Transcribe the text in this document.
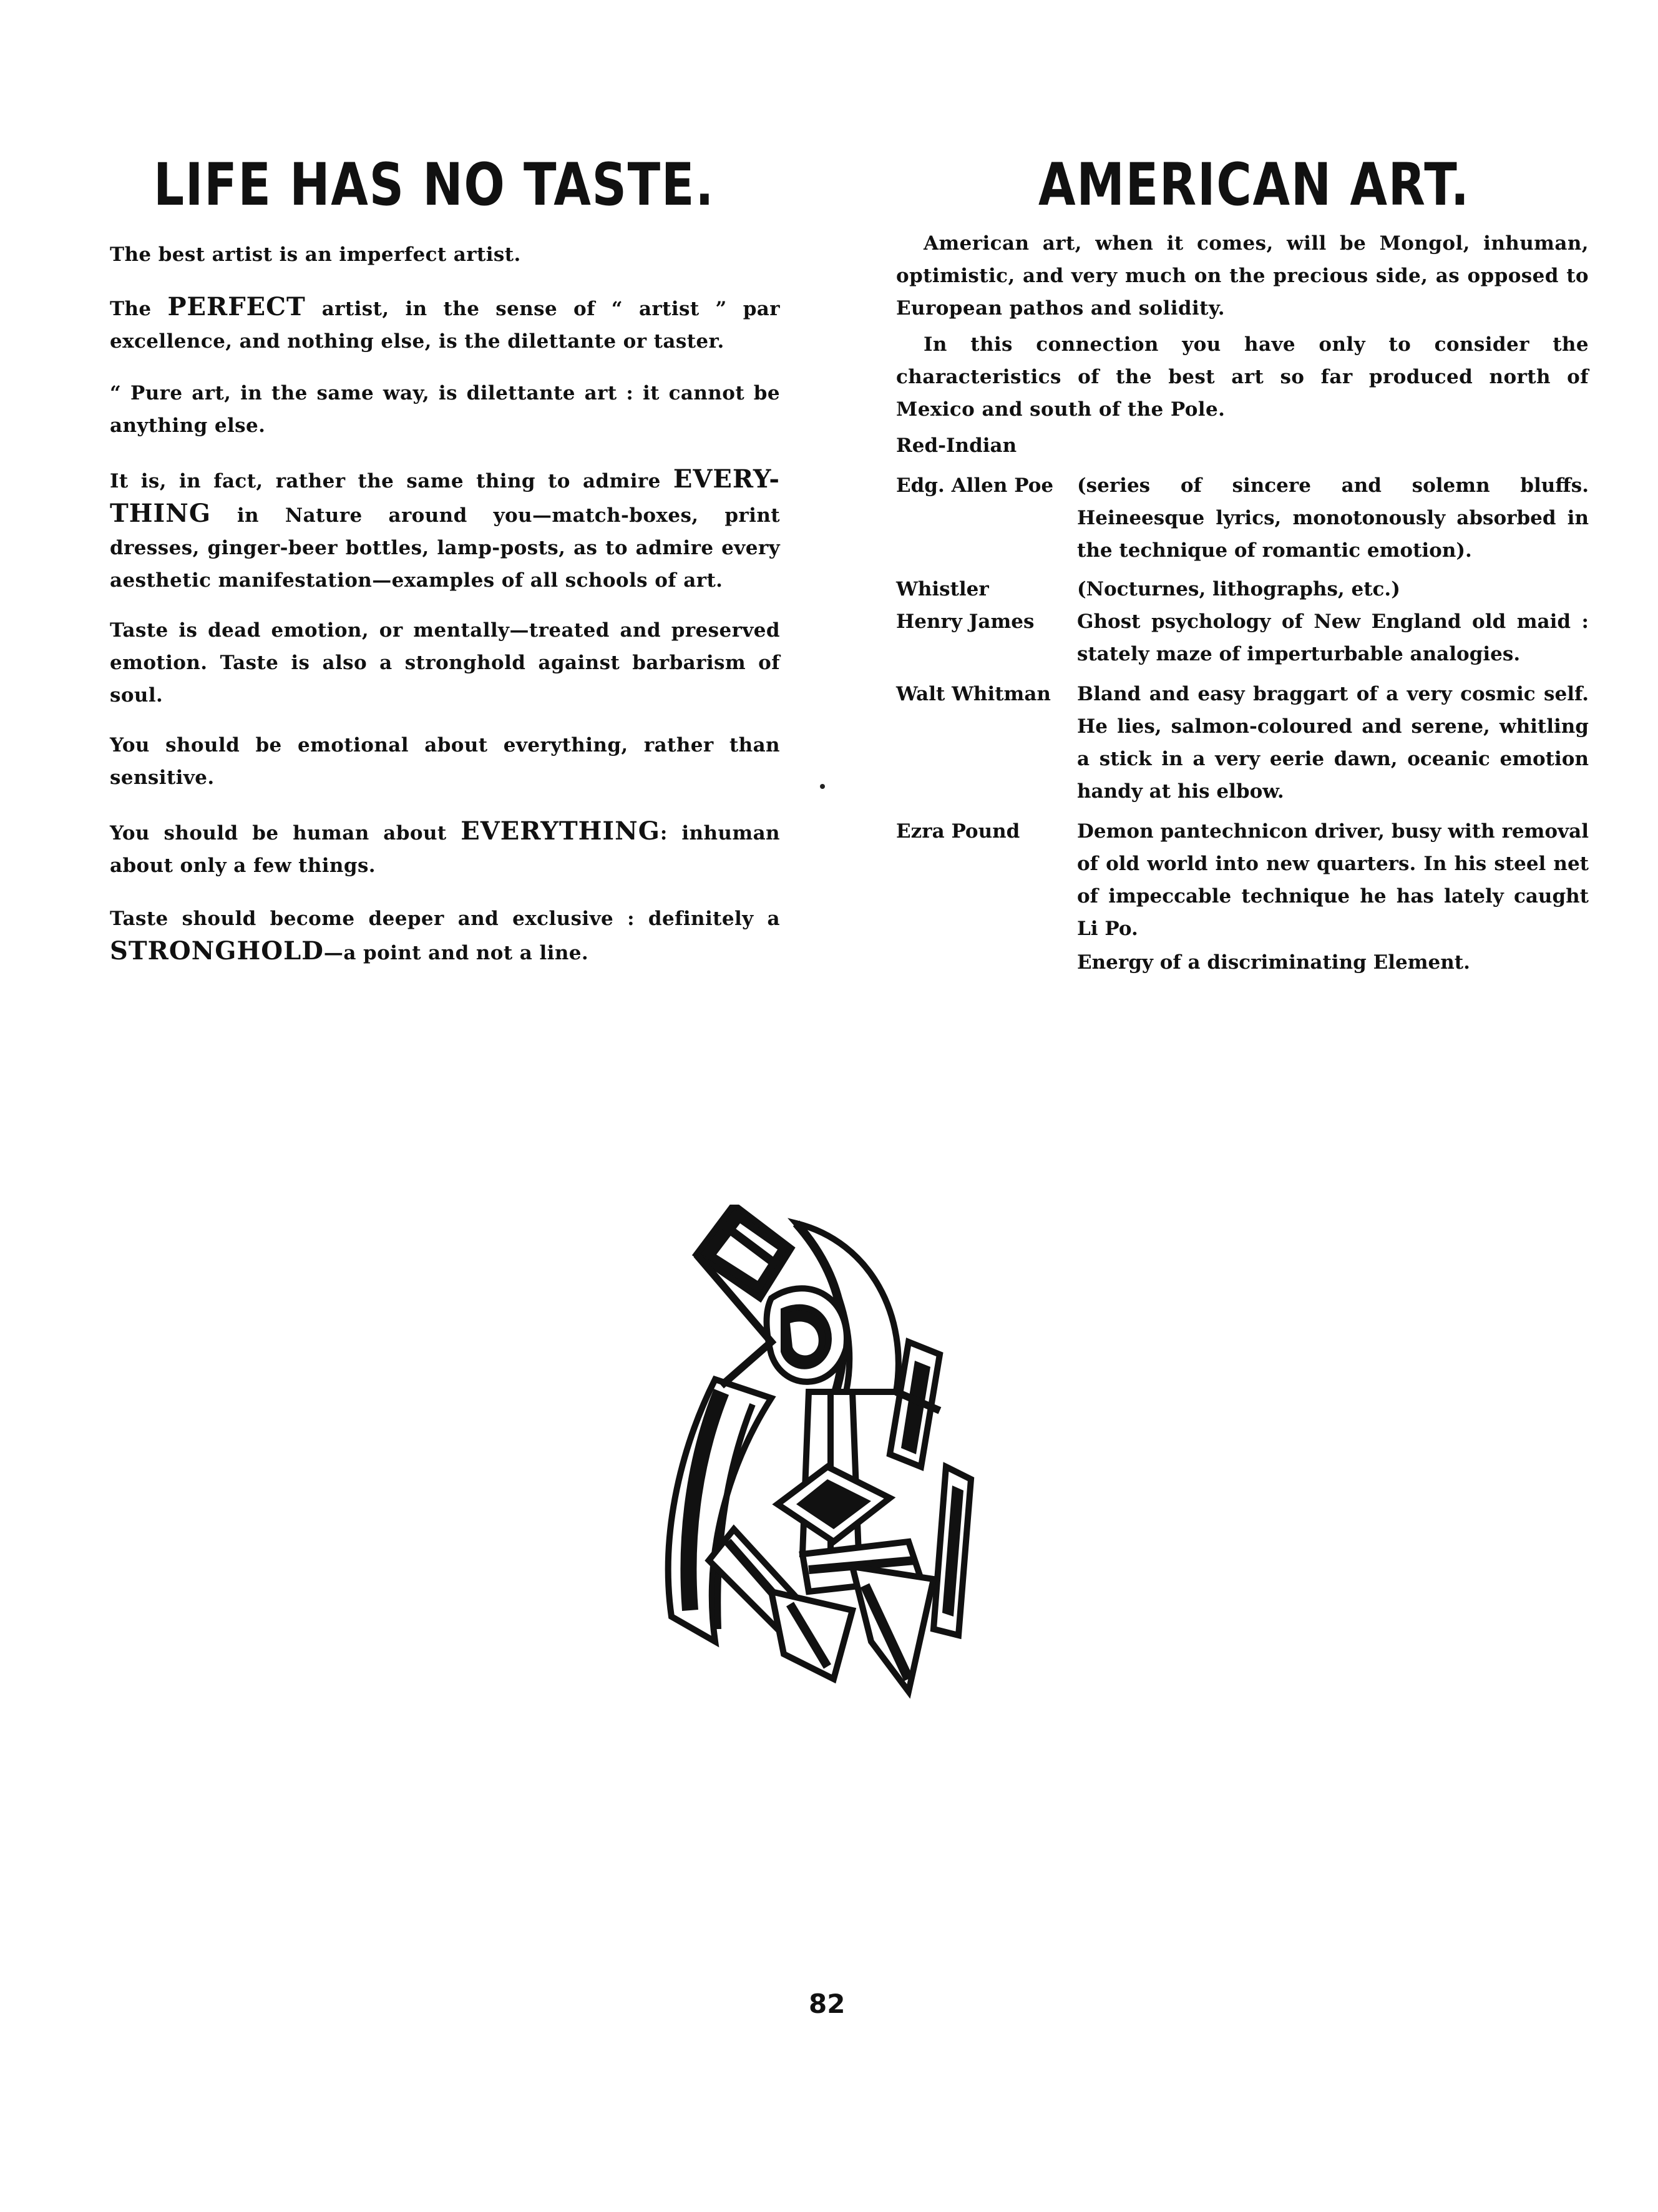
LIFE HAS NO TASTE.

The best artist is an imperfect artist.

The PERFECT artist, in the sense of “ artist ” par excellence, and nothing else, is the dilettante or taster.

“ Pure art, in the same way, is dilettante art : it cannot be anything else.

It is, in fact, rather the same thing to admire EVERY-THING in Nature around you—match-boxes, print dresses, ginger-beer bottles, lamp-posts, as to admire every aesthetic manifestation—examples of all schools of art.

Taste is dead emotion, or mentally—treated and preserved emotion. Taste is also a stronghold against barbarism of soul.

You should be emotional about everything, rather than sensitive.

You should be human about EVERYTHING: inhuman about only a few things.

Taste should become deeper and exclusive : definitely a STRONGHOLD—a point and not a line.

AMERICAN ART.

American art, when it comes, will be Mongol, inhuman, optimistic, and very much on the precious side, as opposed to European pathos and solidity.

In this connection you have only to consider the characteristics of the best art so far produced north of Mexico and south of the Pole.

Red-Indian
Edg. Allen Poe (series of sincere and solemn bluffs. Heineesque lyrics, monotonously absorbed in the technique of romantic emotion).
Whistler	(Nocturnes, lithographs, etc.)
Henry James Ghost psychology of New England old maid : stately maze of imperturbable analogies.
Walt Whitman Bland and easy braggart of a very cosmic self. He lies, salmon-coloured and serene, whitling a stick in a very eerie dawn, oceanic emotion handy at his elbow.
Ezra Pound	Demon pantechnicon driver, busy with removal of old world into new quarters. In his steel net of impeccable technique he has lately caught Li Po.
Energy of a discriminating Element.
82
